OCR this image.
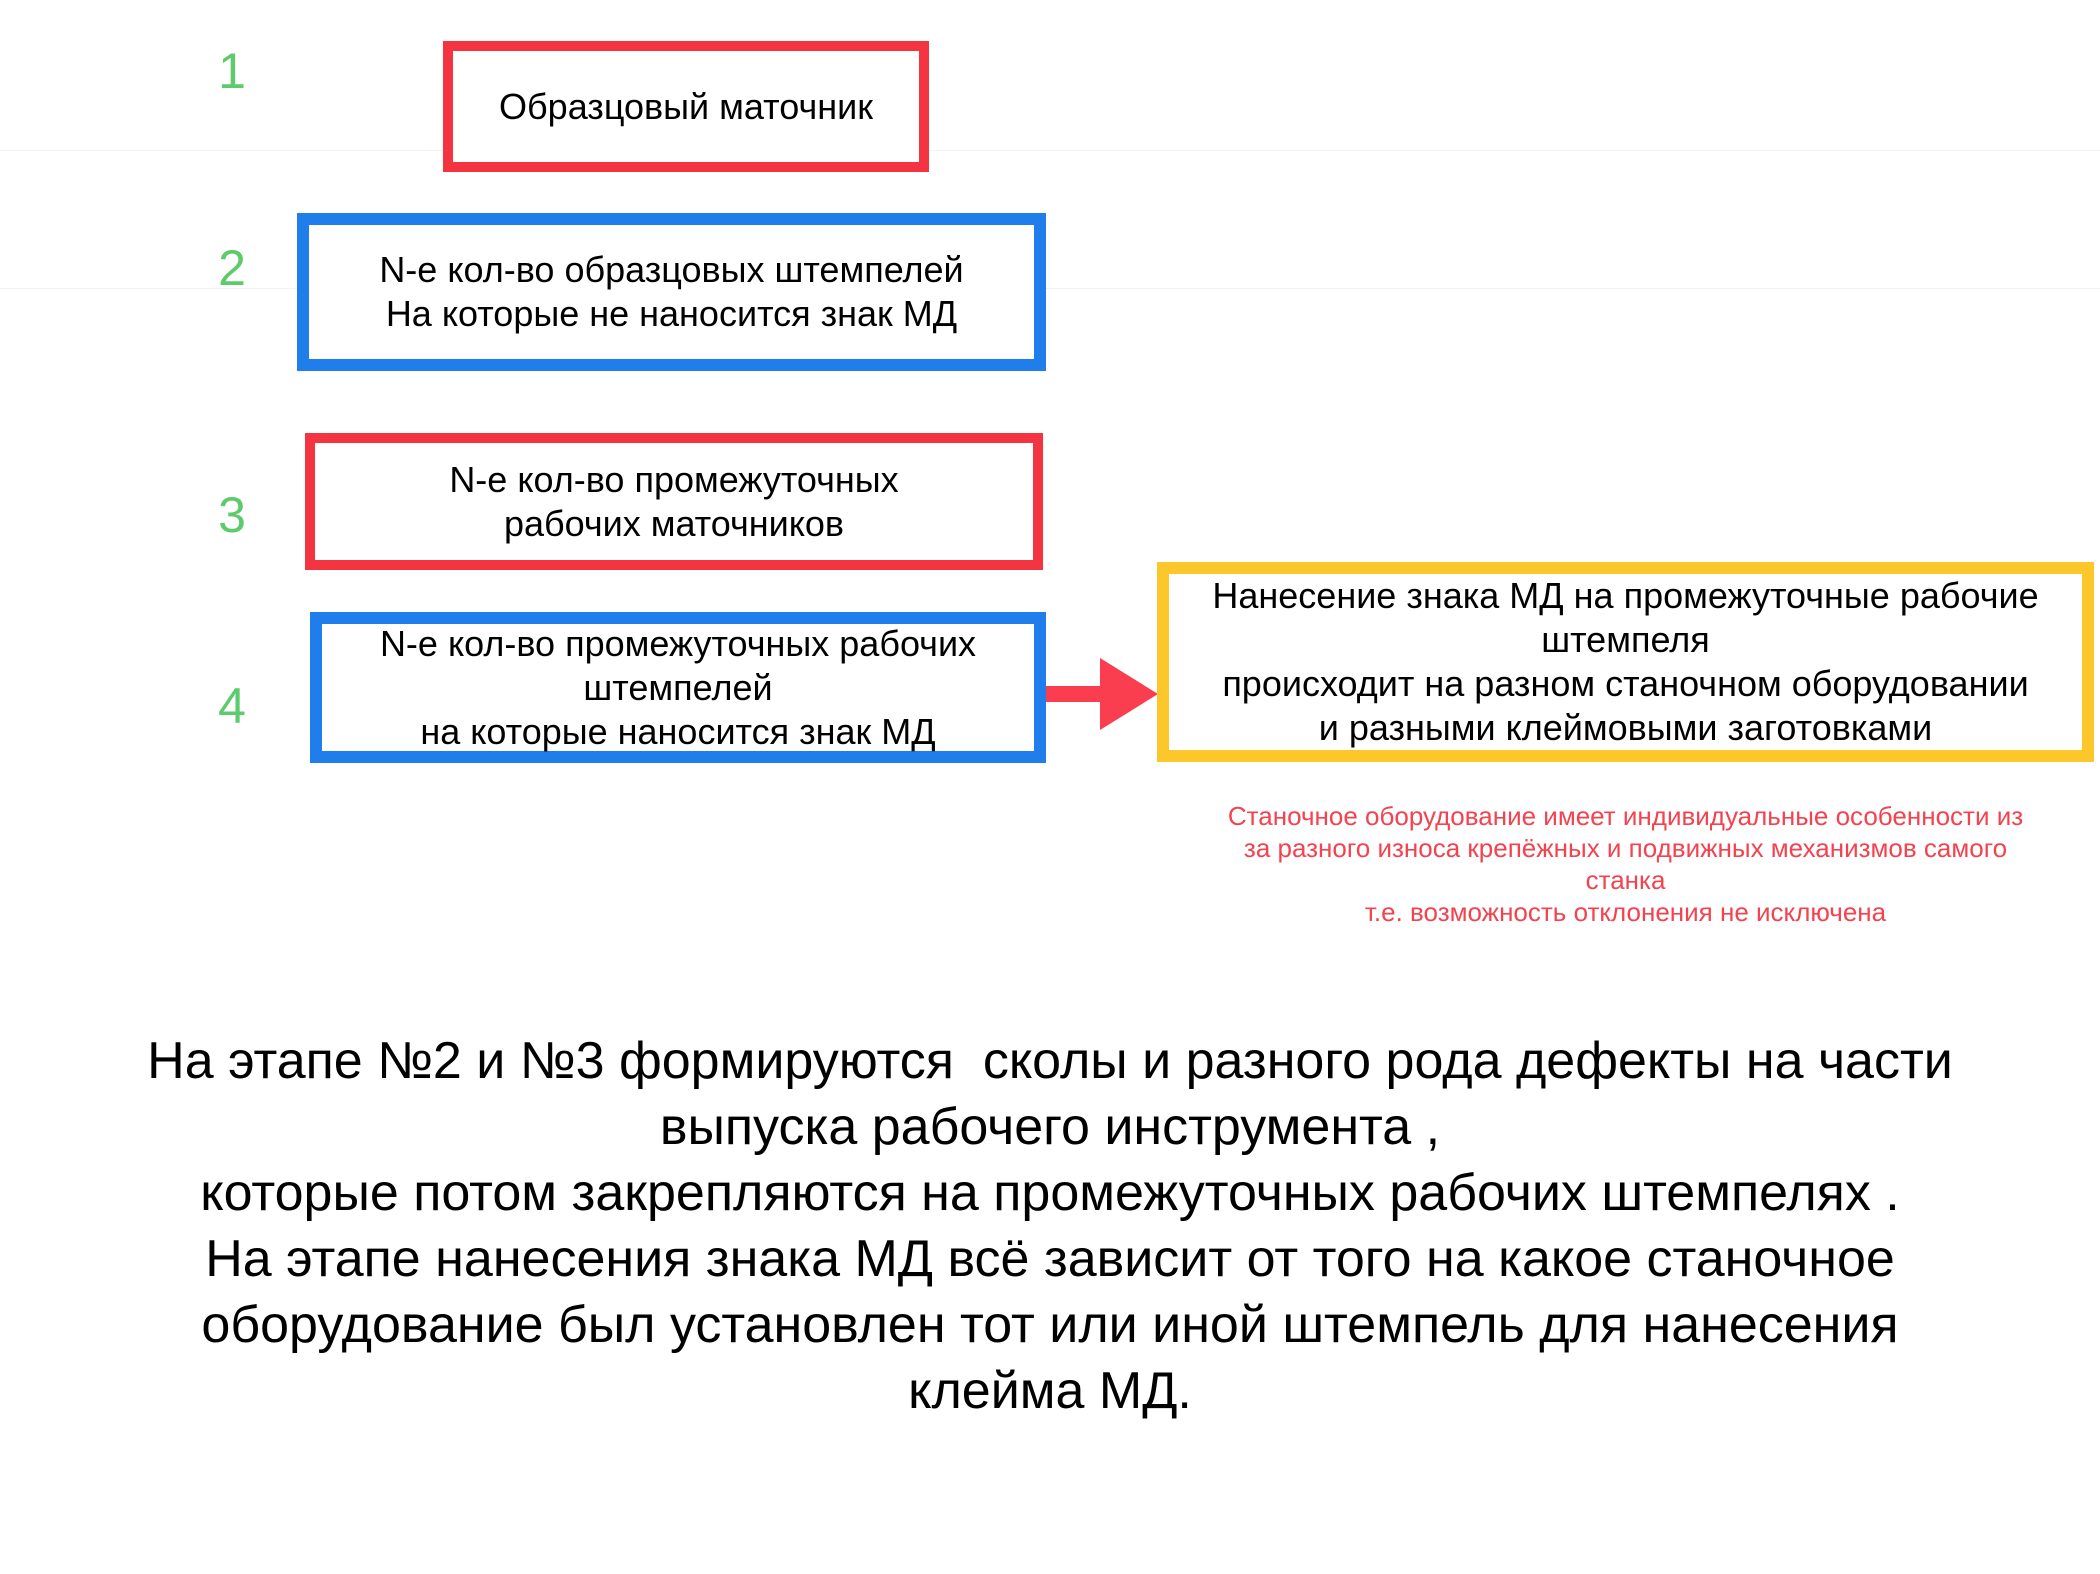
1
2
3
4
Образцовый маточник
N-е кол-во образцовых штемпелей
На которые не наносится знак МД
N-е кол-во промежуточных
рабочих маточников
N-е кол-во промежуточных рабочих
штемпелей
на которые наносится знак МД
Нанесение знака МД на промежуточные рабочие
штемпеля
происходит на разном станочном оборудовании
и разными клеймовыми заготовками
Станочное оборудование имеет индивидуальные особенности из
за разного износа крепёжных и подвижных механизмов самого
станка
т.е. возможность отклонения не исключена
На этапе №2 и №3 формируются  сколы и разного рода дефекты на части
выпуска рабочего инструмента ,
которые потом закрепляются на промежуточных рабочих штемпелях .
На этапе нанесения знака МД всё зависит от того на какое станочное
оборудование был установлен тот или иной штемпель для нанесения
клейма МД.
